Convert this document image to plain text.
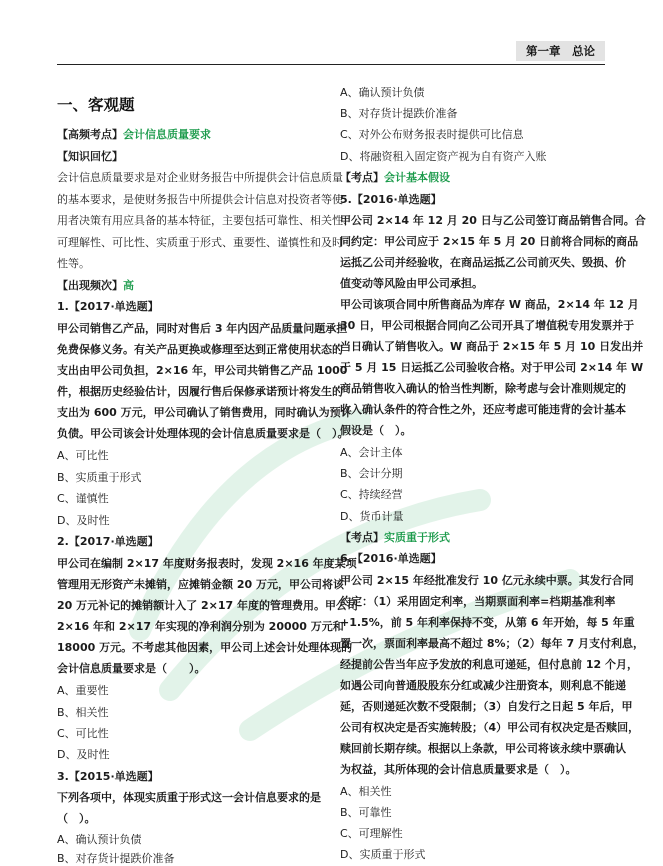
第一章　总论
一、客观题
【高频考点】会计信息质量要求
【知识回忆】
会计信息质量要求是对企业财务报告中所提供会计信息质量
的基本要求，是使财务报告中所提供会计信息对投资者等使
用者决策有用应具备的基本特征，主要包括可靠性、相关性、
可理解性、可比性、实质重于形式、重要性、谨慎性和及时
性等。
【出现频次】高
1.【2017·单选题】
甲公司销售乙产品，同时对售后 3 年内因产品质量问题承担
免费保修义务。有关产品更换或修理至达到正常使用状态的
支出由甲公司负担，2×16 年，甲公司共销售乙产品 1000
件，根据历史经验估计，因履行售后保修承诺预计将发生的
支出为 600 万元，甲公司确认了销售费用，同时确认为预计
负债。甲公司该会计处理体现的会计信息质量要求是（　）。
A、可比性
B、实质重于形式
C、谨慎性
D、及时性
2.【2017·单选题】
甲公司在编制 2×17 年度财务报表时，发现 2×16 年度某项
管理用无形资产未摊销，应摊销金额 20 万元，甲公司将该
20 万元补记的摊销额计入了 2×17 年度的管理费用。甲公司
2×16 年和 2×17 年实现的净利润分别为 20000 万元和
18000 万元。不考虑其他因素，甲公司上述会计处理体现的
会计信息质量要求是（　　）。
A、重要性
B、相关性
C、可比性
D、及时性
3.【2015·单选题】
下列各项中，体现实质重于形式这一会计信息要求的是
（　）。
A、确认预计负债
B、对存货计提跌价准备
A、确认预计负债
B、对存货计提跌价准备
C、对外公布财务报表时提供可比信息
D、将融资租入固定资产视为自有资产入账
【考点】会计基本假设
5.【2016·单选题】
甲公司 2×14 年 12 月 20 日与乙公司签订商品销售合同。合
同约定：甲公司应于 2×15 年 5 月 20 日前将合同标的商品
运抵乙公司并经验收，在商品运抵乙公司前灭失、毁损、价
值变动等风险由甲公司承担。
甲公司该项合同中所售商品为库存 W 商品，2×14 年 12 月
30 日，甲公司根据合同向乙公司开具了增值税专用发票并于
当日确认了销售收入。W 商品于 2×15 年 5 月 10 日发出并
于 5 月 15 日运抵乙公司验收合格。对于甲公司 2×14 年 W
商品销售收入确认的恰当性判断，除考虑与会计准则规定的
收入确认条件的符合性之外，还应考虑可能违背的会计基本
假设是（　）。
A、会计主体
B、会计分期
C、持续经营
D、货币计量
【考点】实质重于形式
6.【2016·单选题】
甲公司 2×15 年经批准发行 10 亿元永续中票。其发行合同
约定：（1）采用固定利率，当期票面利率=档期基准利率
+1.5%，前 5 年利率保持不变，从第 6 年开始，每 5 年重
置一次，票面利率最高不超过 8%；（2）每年 7 月支付利息，
经提前公告当年应予发放的利息可递延，但付息前 12 个月，
如遇公司向普通股股东分红或减少注册资本，则利息不能递
延，否则递延次数不受限制；（3）自发行之日起 5 年后，甲
公司有权决定是否实施转股；（4）甲公司有权决定是否赎回，
赎回前长期存续。根据以上条款，甲公司将该永续中票确认
为权益，其所体现的会计信息质量要求是（　）。
A、相关性
B、可靠性
C、可理解性
D、实质重于形式
